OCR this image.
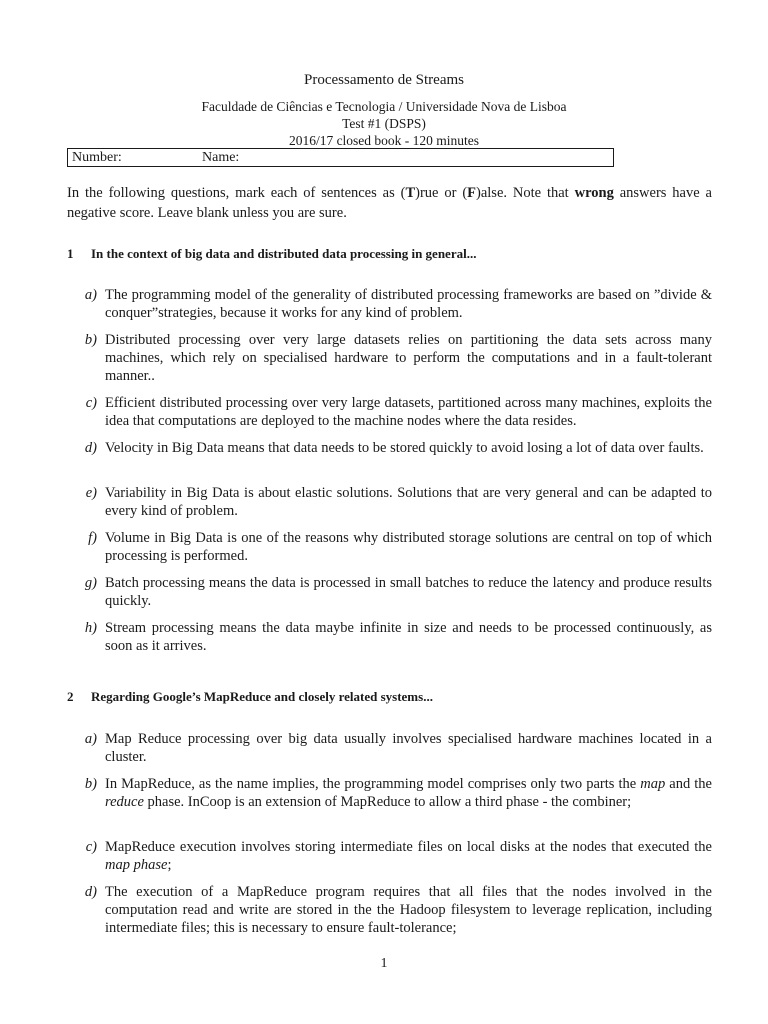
Processamento de Streams
Faculdade de Ciências e Tecnologia / Universidade Nova de Lisboa
Test #1 (DSPS)
2016/17 closed book - 120 minutes
Number:	Name:
In the following questions, mark each of sentences as (T)rue or (F)alse. Note that wrong answers have a negative score. Leave blank unless you are sure.
1 In the context of big data and distributed data processing in general...
a) The programming model of the generality of distributed processing frameworks are based on ”divide & conquer”strategies, because it works for any kind of problem.
b) Distributed processing over very large datasets relies on partitioning the data sets across many machines, which rely on specialised hardware to perform the computations and in a fault-tolerant manner..
c) Efficient distributed processing over very large datasets, partitioned across many machines, exploits the idea that computations are deployed to the machine nodes where the data resides.
d) Velocity in Big Data means that data needs to be stored quickly to avoid losing a lot of data over faults.
e) Variability in Big Data is about elastic solutions. Solutions that are very general and can be adapted to every kind of problem.
f) Volume in Big Data is one of the reasons why distributed storage solutions are central on top of which processing is performed.
g) Batch processing means the data is processed in small batches to reduce the latency and produce results quickly.
h) Stream processing means the data maybe infinite in size and needs to be processed continuously, as soon as it arrives.
2 Regarding Google’s MapReduce and closely related systems...
a) Map Reduce processing over big data usually involves specialised hardware machines located in a cluster.
b) In MapReduce, as the name implies, the programming model comprises only two parts the map and the reduce phase. InCoop is an extension of MapReduce to allow a third phase - the combiner;
c) MapReduce execution involves storing intermediate files on local disks at the nodes that executed the map phase;
d) The execution of a MapReduce program requires that all files that the nodes involved in the computation read and write are stored in the the Hadoop filesystem to leverage replication, including intermediate files; this is necessary to ensure fault-tolerance;
1
